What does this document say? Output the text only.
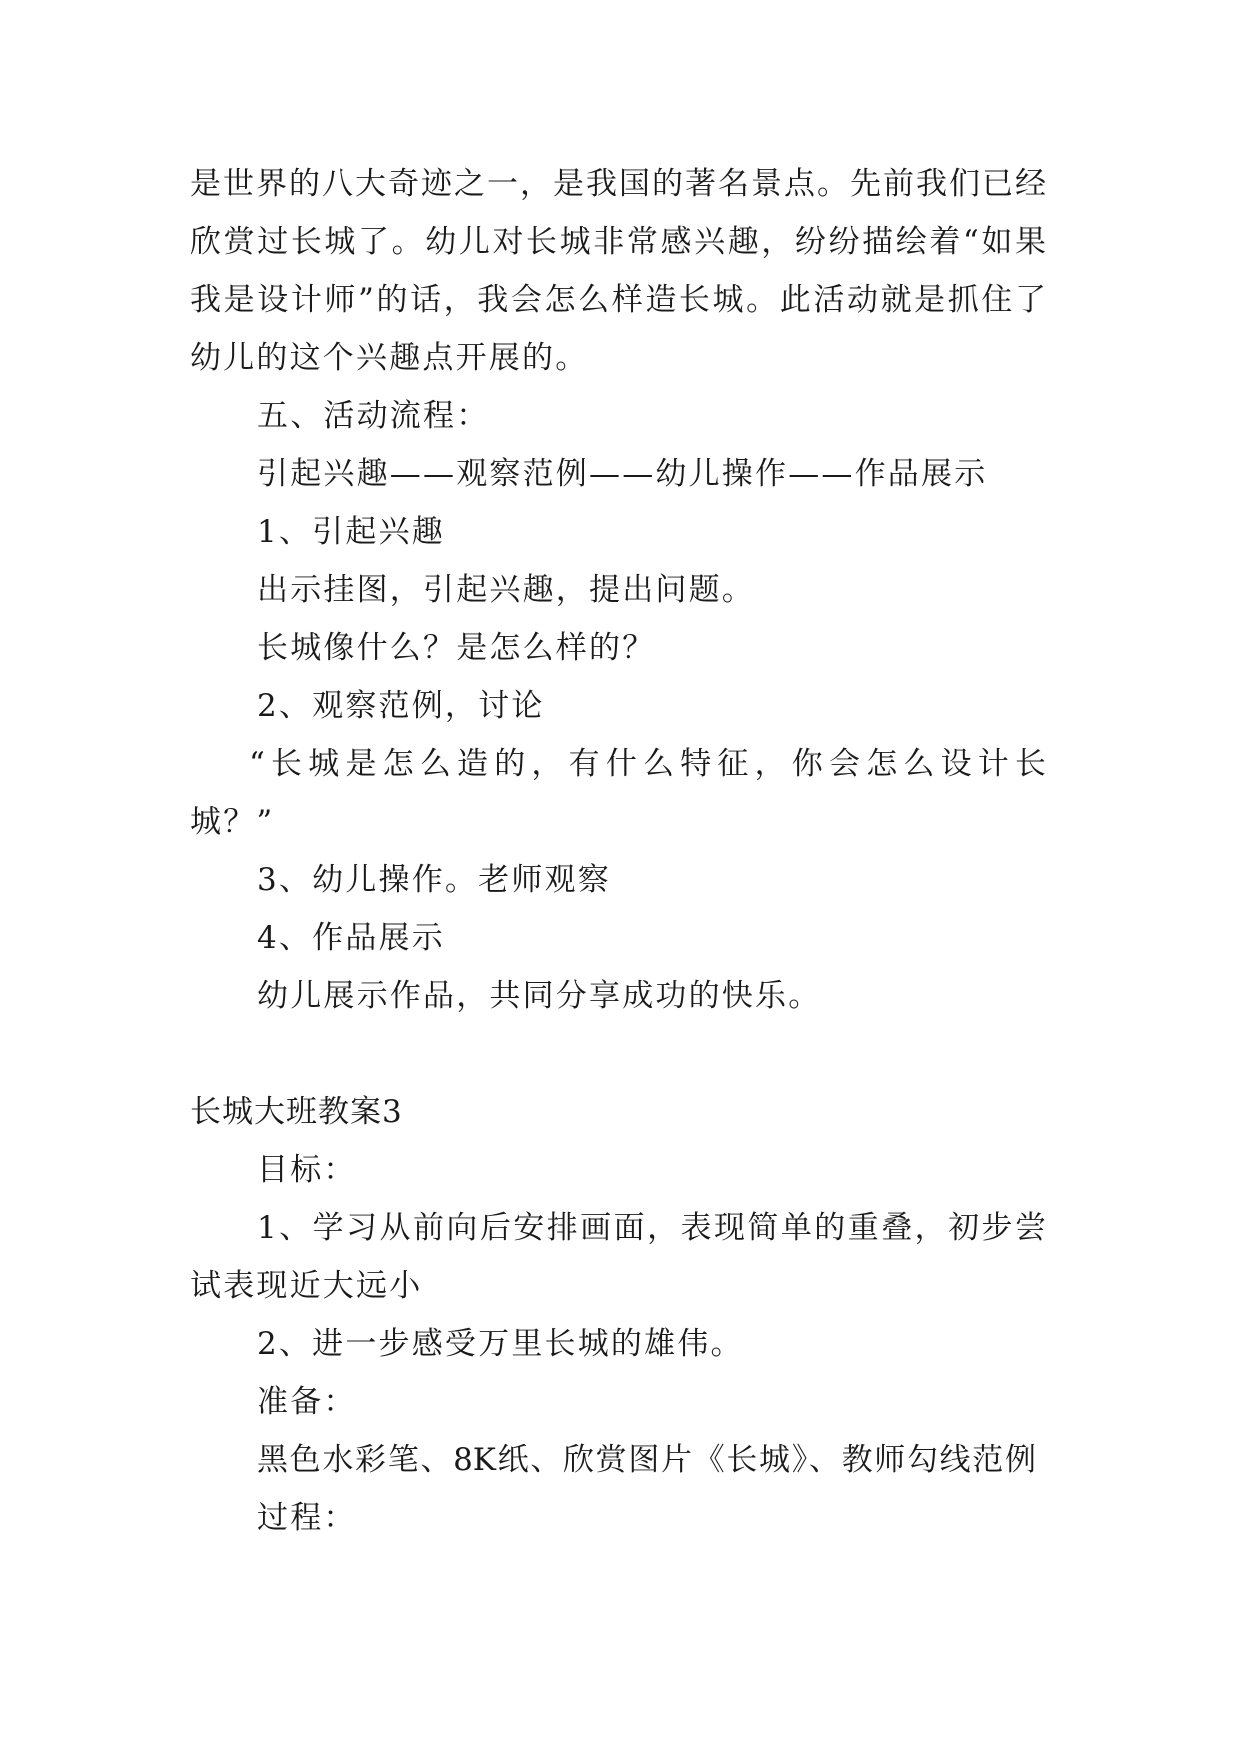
是世界的八大奇迹之一，是我国的著名景点。先前我们已经
欣赏过长城了。幼儿对长城非常感兴趣，纷纷描绘着“如果
我是设计师”的话，我会怎么样造长城。此活动就是抓住了
幼儿的这个兴趣点开展的。
五、活动流程：
引起兴趣——观察范例——幼儿操作——作品展示
1、引起兴趣
出示挂图，引起兴趣，提出问题。
长城像什么？是怎么样的？
2、观察范例，讨论
“长城是怎么造的，有什么特征，你会怎么设计长
城？”
3、幼儿操作。老师观察
4、作品展示
幼儿展示作品，共同分享成功的快乐。
长城大班教案3
目标：
1、学习从前向后安排画面，表现简单的重叠，初步尝
试表现近大远小
2、进一步感受万里长城的雄伟。
准备：
黑色水彩笔、8K纸、欣赏图片《长城》、教师勾线范例
过程：
